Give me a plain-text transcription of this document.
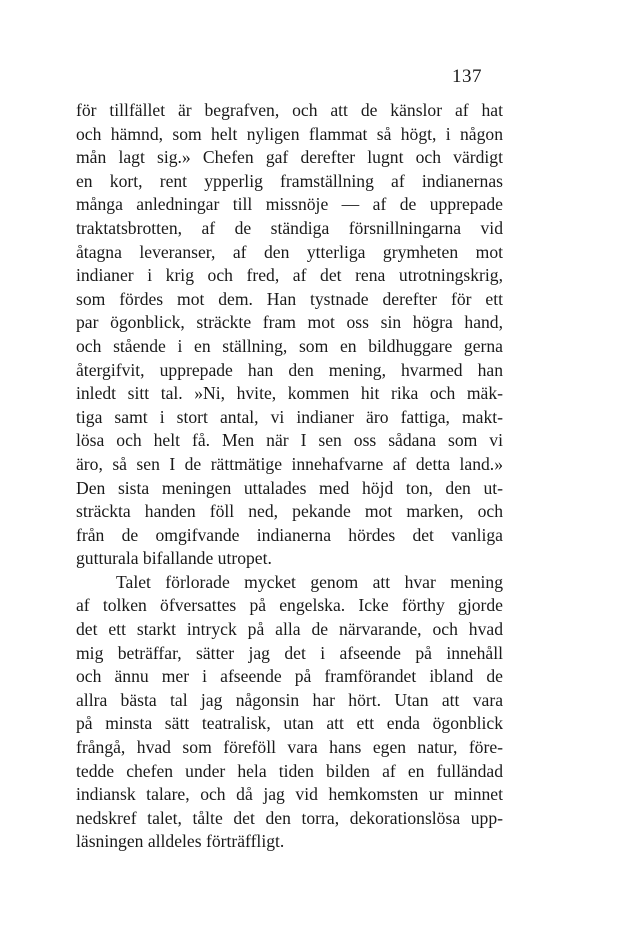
137
för tillfället är begrafven, och att de känslor af hat
och hämnd, som helt nyligen flammat så högt, i någon
mån lagt sig.» Chefen gaf derefter lugnt och värdigt
en kort, rent ypperlig framställning af indianernas
många anledningar till missnöje — af de upprepade
traktatsbrotten, af de ständiga försnillningarna vid
åtagna leveranser, af den ytterliga grymheten mot
indianer i krig och fred, af det rena utrotningskrig,
som fördes mot dem. Han tystnade derefter för ett
par ögonblick, sträckte fram mot oss sin högra hand,
och stående i en ställning, som en bildhuggare gerna
återgifvit, upprepade han den mening, hvarmed han
inledt sitt tal. »Ni, hvite, kommen hit rika och mäk-
tiga samt i stort antal, vi indianer äro fattiga, makt-
lösa och helt få. Men när I sen oss sådana som vi
äro, så sen I de rättmätige innehafvarne af detta land.»
Den sista meningen uttalades med höjd ton, den ut-
sträckta handen föll ned, pekande mot marken, och
från de omgifvande indianerna hördes det vanliga
gutturala bifallande utropet.
Talet förlorade mycket genom att hvar mening
af tolken öfversattes på engelska. Icke förthy gjorde
det ett starkt intryck på alla de närvarande, och hvad
mig beträffar, sätter jag det i afseende på innehåll
och ännu mer i afseende på framförandet ibland de
allra bästa tal jag någonsin har hört. Utan att vara
på minsta sätt teatralisk, utan att ett enda ögonblick
frångå, hvad som föreföll vara hans egen natur, före-
tedde chefen under hela tiden bilden af en fulländad
indiansk talare, och då jag vid hemkomsten ur minnet
nedskref talet, tålte det den torra, dekorationslösa upp-
läsningen alldeles förträffligt.
